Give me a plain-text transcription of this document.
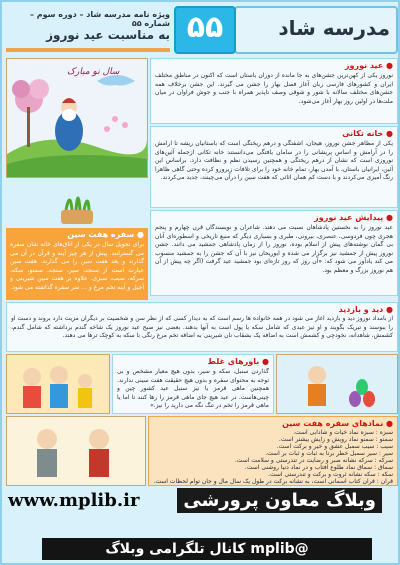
مدرسه شاد
۵۵
ویژه نامه مدرسه شاد – دوره سوم – شماره ۵۵
به مناسبت عید نوروز
سال نو مبارک
● عید نوروز
نوروز یکی از کهن‌ترین جشن‌های به جا مانده از دوران باستان است که اکنون در مناطق مختلف ایران و کشورهای فارسی زبان آغاز فصل بهار را جشن می گیرند. این جشن برخلاف همه جشن‌های مختلف سالانه با شور و شوقی وصف ناپذیر همراه با جنب و جوش فراوان در میان ملت‌ها در اولین روز بهار آغاز می‌شود.
● خانه تکانی
یکی از مظاهر جشن نوروز، هیجان، آشفتگی و درهم ریختگی است که باستانیان ریشه تا آرامش را در آرامش و اساس پریشانی را در سامان یافتگی می‌دانستند خانه تکانی ازجمله آئین‌های نوروزی است که نشان از درهم ریختگی و همچنین رسیدن نظم و نظافت دارد. براساس این آئین، ایرانیان باستان، با آمدن بهار، تمام خانه خود را برای تلافات زیرورو کرده وحتی گاهی ظاهرا رنگ آمیزی می‌کردند و با دست کم همان اثاثی که هفت سین را درآن می‌چینند، جدید می‌کردند.
● پیدایش عید نوروز
عید نوروز را به نخستین پادشاهان نسبت می دهند. شاعران و نویسندگان قرن چهارم و پنجم هجری چون فردوسی، عنصری، بیرونی، طبری و بسیاری دیگر که منبع تاریخی و اسطوره‌ای آنان بی گمان نوشته‌های پیش از اسلام بوده، نوروز را از زمان پادشاهی جمشید می دانند. جشن نوروز پیش از جمشید نیز برگزار می شده و ابوریحان نیز با آن که جشن را به جمشید منسوب می کند یادآور می شود که: «آن روز که روز تازه‌ای بود جمشید عید گرفت (اگر چه پیش از آن هم نوروز بزرگ و معظم بود.
● سفره هفت سین
برای تحویل سال در یکی از اتاق‌های خانه شان سفره می گسترانند. پیش از هر چیز آینه و قرآن در آن می گذارند و بعد هفت سین را می گذارند. هفت سین عبارت است از سنجد، سیر، سنجد، سمنو، سکه، سرکه، سیب، سبزی. علاوه بر هفت سین شیرینی و آجیل و آینه تخم مرغ و ... سر سفره گذاشته می شود.
● دید و بازدید
از بامداد نوروز دید و بازدید آغاز می شود در همه خانواده ها رسم است که به دیدار کسی که از نظر سن و شخصیت بر دیگران مزیت دارد بروند و دست او را ببوسند و تبریک بگویند و او نیز عیدی که شامل سکه یا پول است به آنها بدهند. بعضی نیز صبح عید نوروز یک شاخه گندم برداشته که شامل گندم، کشمش، شاهدانه، نخودچی و کشمش است به اضافه یک بشقاب نان شیرینی به اضافه تخم مرغ رنگی با سکه به کوچک ترها می دهند.
● باورهای غلط
گذاردن سنبل، سکه و سیر، بدون هیچ معیار مشخص و بی توجه به محتوای سفره و بدون هیچ حقیقت هفت سینی ندارند. همچنین ماهی قرمز یا نیز سنبل عید کشور چین و چینی‌هاست. در عید هیچ جای ماهی قرمز را رها کنند تا اما یا ماهی قرمز را تخم در تنگ نگه می دارید را نیز.»
● نمادهای سفره هفت سین
سبزه : سبزه نماد خیات و شادابی است.
سمنو : سمنو نماد رویش و زایش بیشتر است.
سیب : سیب سمبل عشق و خیر و برکت است.
سیر : سیر سمبل خطر برتا به ثبات و ثبات بر است.
سرکه : سرکه نشانه صبر و رضایت در تندرستی و سلامت است.
سماق : سماق نماد طلوع آفتاب و در نماد دنیا روشنی است.
سکه : سکه نشانه ثروت و برکت و تندرستی است.
قرآن : قرآن کتاب آسمانی است، به نشانه برکت در طول یک سال مال و جان توام لحظات است.
www.mplib.ir	وبلاگ معاون پرورشی
@mplib کانال تلگرامی وبلاگ
